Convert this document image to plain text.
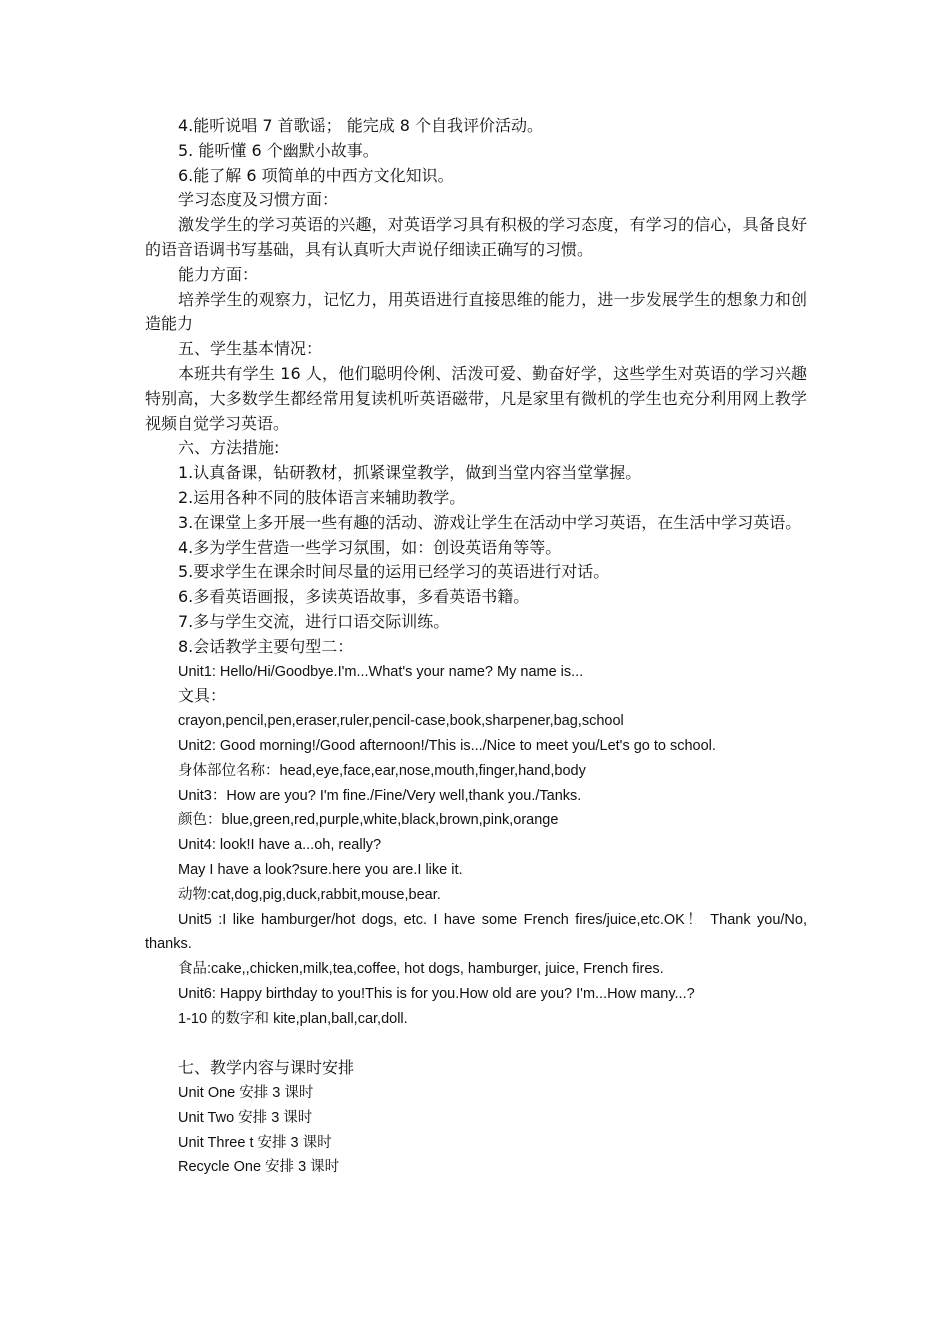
4.能听说唱 7 首歌谣； 能完成 8 个自我评价活动。

5. 能听懂 6 个幽默小故事。

6.能了解 6 项简单的中西方文化知识。

学习态度及习惯方面：

激发学生的学习英语的兴趣，对英语学习具有积极的学习态度，有学习的信心，具备良好的语音语调书写基础，具有认真听大声说仔细读正确写的习惯。

能力方面：

培养学生的观察力，记忆力，用英语进行直接思维的能力，进一步发展学生的想象力和创造能力

五、学生基本情况：

本班共有学生 16 人，他们聪明伶俐、活泼可爱、勤奋好学，这些学生对英语的学习兴趣特别高，大多数学生都经常用复读机听英语磁带，凡是家里有微机的学生也充分利用网上教学视频自觉学习英语。

六、方法措施:

1.认真备课，钻研教材，抓紧课堂教学，做到当堂内容当堂掌握。

2.运用各种不同的肢体语言来辅助教学。

3.在课堂上多开展一些有趣的活动、游戏让学生在活动中学习英语，在生活中学习英语。

4.多为学生营造一些学习氛围，如：创设英语角等等。

5.要求学生在课余时间尽量的运用已经学习的英语进行对话。

6.多看英语画报，多读英语故事，多看英语书籍。

7.多与学生交流，进行口语交际训练。

8.会话教学主要句型二：

Unit1: Hello/Hi/Goodbye.I'm...What's your name? My name is...

文具：

crayon,pencil,pen,eraser,ruler,pencil-case,book,sharpener,bag,school

Unit2: Good morning!/Good afternoon!/This is.../Nice to meet you/Let's go to school.

身体部位名称：head,eye,face,ear,nose,mouth,finger,hand,body

Unit3：How are you? I'm fine./Fine/Very well,thank you./Tanks.

颜色：blue,green,red,purple,white,black,brown,pink,orange

Unit4: look!I have a...oh, really?

May I have a look?sure.here you are.I like it.

动物:cat,dog,pig,duck,rabbit,mouse,bear.

Unit5 :I like hamburger/hot dogs, etc. I have some French fires/juice,etc.OK！ Thank you/No, thanks.

食品:cake,,chicken,milk,tea,coffee, hot dogs, hamburger, juice, French fires.

Unit6: Happy birthday to you!This is for you.How old are you? I'm...How many...?

1-10 的数字和 kite,plan,ball,car,doll.

七、教学内容与课时安排

Unit One 安排 3 课时

Unit Two 安排 3 课时

Unit Three t 安排 3 课时

Recycle One 安排 3 课时
